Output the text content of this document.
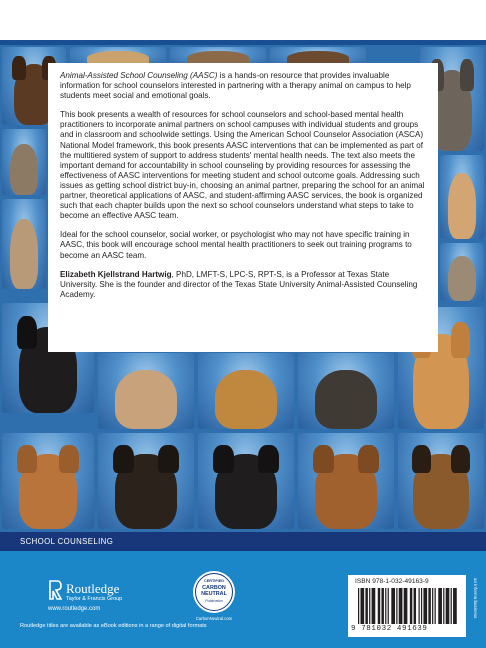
Animal-Assisted School Counseling (AASC) is a hands-on resource that provides invaluable information for school counselors interested in partnering with a therapy animal on campus to help students meet social and emotional goals.

This book presents a wealth of resources for school counselors and school-based mental health practitioners to incorporate animal partners on school campuses with individual students and groups and in classroom and schoolwide settings. Using the American School Counselor Association (ASCA) National Model framework, this book presents AASC interventions that can be implemented as part of the multitiered system of support to address students' mental health needs. The text also meets the important demand for accountability in school counseling by providing resources for assessing the effectiveness of AASC interventions for meeting student and school outcome goals. Addressing such issues as getting school district buy-in, choosing an animal partner, preparing the school for an animal partner, theoretical applications of AASC, and student-affirming AASC services, the book is organized such that each chapter builds upon the next so school counselors understand what steps to take to become an effective AASC team.

Ideal for the school counselor, social worker, or psychologist who may not have specific training in AASC, this book will encourage school mental health practitioners to seek out training programs to become an AASC team.

Elizabeth Kjellstrand Hartwig, PhD, LMFT-S, LPC-S, RPT-S, is a Professor at Texas State University. She is the founder and director of the Texas State University Animal-Assisted Counseling Academy.

SCHOOL COUNSELING
Routledge
Taylor & Francis Group
www.routledge.com
Routledge titles are available as eBook editions in a range of digital formats
CERTIFIED
CARBON
NEUTRAL
Publication
CarbonNeutral.com
ISBN 978-1-032-49163-9
9 781032 491639
an informa business
